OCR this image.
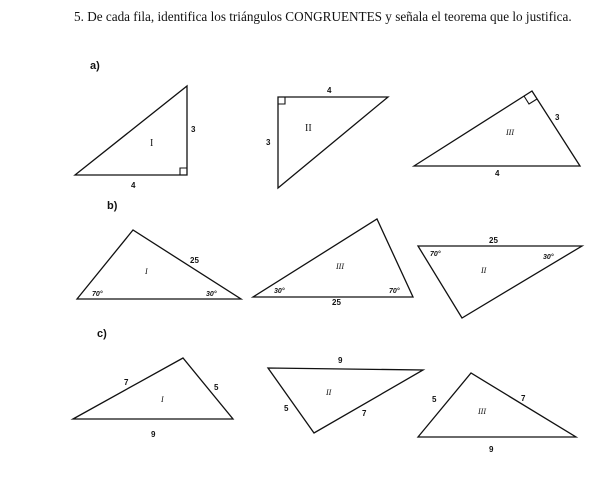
5. De cada fila, identifica los triángulos CONGRUENTES y señala el teorema que lo justifica.
a)
b)
c)
I
3
4
II
4
3
III
3
4
I
25
70°	30°
III
25
30°	70°
II
25
70°	30°
I
7
5
9
II
9
5
7	III
5	7
9
